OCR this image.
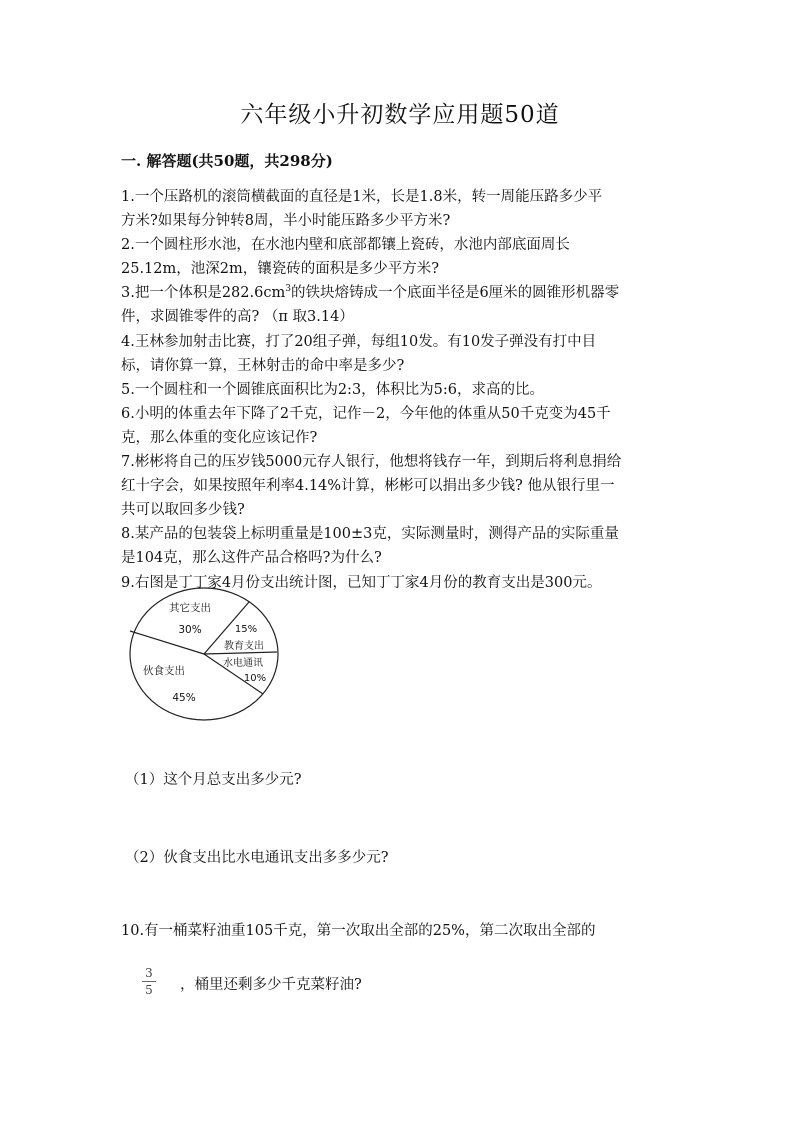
六年级小升初数学应用题50道
一. 解答题(共50题，共298分)

1.一个压路机的滚筒横截面的直径是1米，长是1.8米，转一周能压路多少平

方米?如果每分钟转8周，半小时能压路多少平方米?

2.一个圆柱形水池，在水池内壁和底部都镶上瓷砖，水池内部底面周长

25.12m，池深2m，镶瓷砖的面积是多少平方米?

3.把一个体积是$282.6cm^3$的铁块熔铸成一个底面半径是6厘米的圆锥形机器零

件，求圆锥零件的高? （π 取3.14）

4.王林参加射击比赛，打了20组子弹，每组10发。有10发子弹没有打中目

标，请你算一算，王林射击的命中率是多少?

5.一个圆柱和一个圆锥底面积比为2:3，体积比为5:6，求高的比。

6.小明的体重去年下降了2千克，记作－2，今年他的体重从50千克变为45千

克，那么体重的变化应该记作?

7.彬彬将自己的压岁钱5000元存人银行，他想将钱存一年，到期后将利息捐给

红十字会，如果按照年利率4.14%计算，彬彬可以捐出多少钱? 他从银行里一

共可以取回多少钱?

8.某产品的包装袋上标明重量是100±3克，实际测量时，测得产品的实际重量

是104克，那么这件产品合格吗?为什么?

9.右图是丁丁家4月份支出统计图，已知丁丁家4月份的教育支出是300元。

其它支出
30%	15%
教育支出
水电通讯
10%
伙食支出
45%
（1）这个月总支出多少元?
（2）伙食支出比水电通讯支出多多少元?
10.有一桶菜籽油重105千克，第一次取出全部的25%，第二次取出全部的
3
5 ，桶里还剩多少千克菜籽油?
